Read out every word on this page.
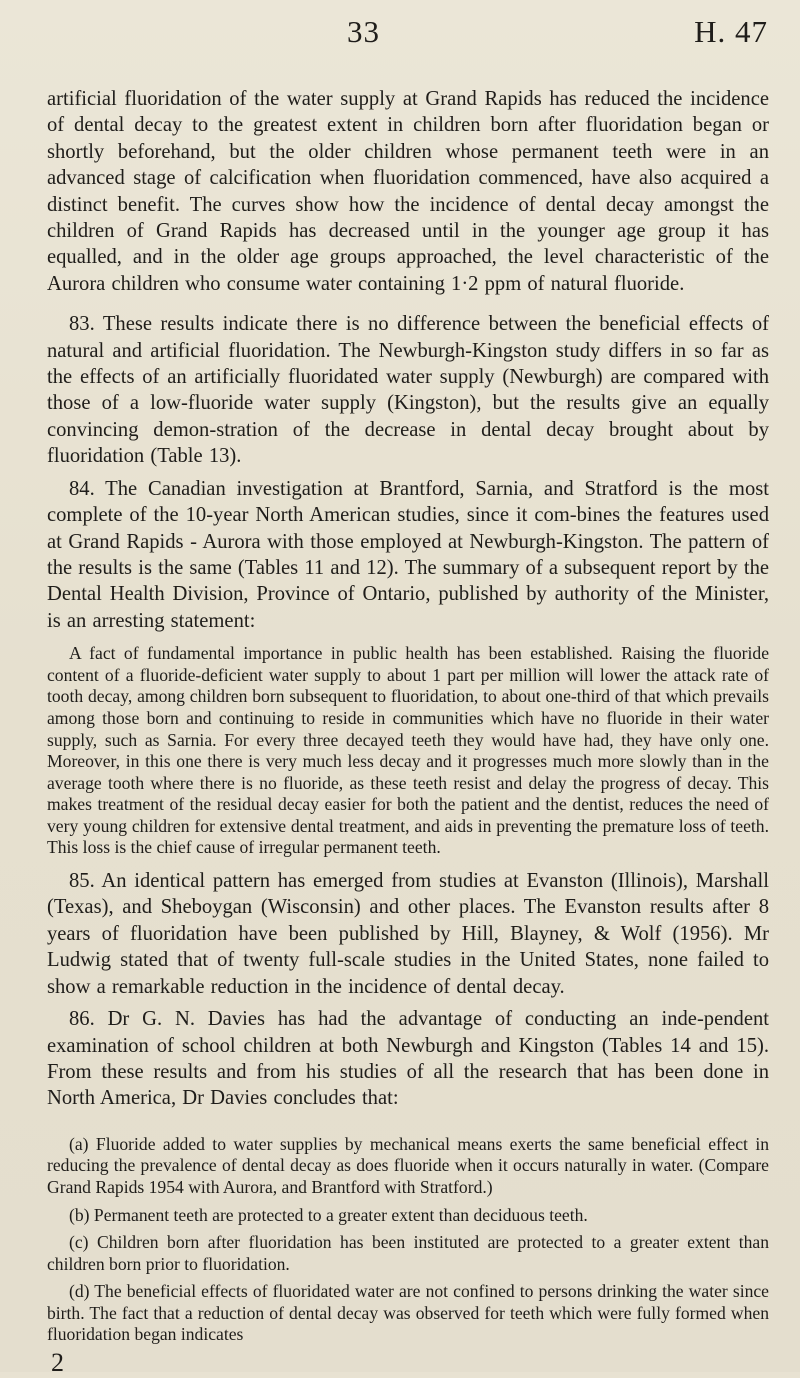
33	H. 47

artificial fluoridation of the water supply at Grand Rapids has reduced the incidence of dental decay to the greatest extent in children born after fluoridation began or shortly beforehand, but the older children whose permanent teeth were in an advanced stage of calcification when fluoridation commenced, have also acquired a distinct benefit. The curves show how the incidence of dental decay amongst the children of Grand Rapids has decreased until in the younger age group it has equalled, and in the older age groups approached, the level characteristic of the Aurora children who consume water containing 1·2 ppm of natural fluoride.

83. These results indicate there is no difference between the beneficial effects of natural and artificial fluoridation. The Newburgh-Kingston study differs in so far as the effects of an artificially fluoridated water supply (Newburgh) are compared with those of a low-fluoride water supply (Kingston), but the results give an equally convincing demon-stration of the decrease in dental decay brought about by fluoridation (Table 13).

84. The Canadian investigation at Brantford, Sarnia, and Stratford is the most complete of the 10-year North American studies, since it com-bines the features used at Grand Rapids - Aurora with those employed at Newburgh-Kingston. The pattern of the results is the same (Tables 11 and 12). The summary of a subsequent report by the Dental Health Division, Province of Ontario, published by authority of the Minister, is an arresting statement:

A fact of fundamental importance in public health has been established. Raising the fluoride content of a fluoride-deficient water supply to about 1 part per million will lower the attack rate of tooth decay, among children born subsequent to fluoridation, to about one-third of that which prevails among those born and continuing to reside in communities which have no fluoride in their water supply, such as Sarnia. For every three decayed teeth they would have had, they have only one. Moreover, in this one there is very much less decay and it progresses much more slowly than in the average tooth where there is no fluoride, as these teeth resist and delay the progress of decay. This makes treatment of the residual decay easier for both the patient and the dentist, reduces the need of very young children for extensive dental treatment, and aids in preventing the premature loss of teeth. This loss is the chief cause of irregular permanent teeth.

85. An identical pattern has emerged from studies at Evanston (Illinois), Marshall (Texas), and Sheboygan (Wisconsin) and other places. The Evanston results after 8 years of fluoridation have been published by Hill, Blayney, & Wolf (1956). Mr Ludwig stated that of twenty full-scale studies in the United States, none failed to show a remarkable reduction in the incidence of dental decay.

86. Dr G. N. Davies has had the advantage of conducting an inde-pendent examination of school children at both Newburgh and Kingston (Tables 14 and 15). From these results and from his studies of all the research that has been done in North America, Dr Davies concludes that:

(a) Fluoride added to water supplies by mechanical means exerts the same beneficial effect in reducing the prevalence of dental decay as does fluoride when it occurs naturally in water. (Compare Grand Rapids 1954 with Aurora, and Brantford with Stratford.)

(b) Permanent teeth are protected to a greater extent than deciduous teeth.

(c) Children born after fluoridation has been instituted are protected to a greater extent than children born prior to fluoridation.

(d) The beneficial effects of fluoridated water are not confined to persons drinking the water since birth. The fact that a reduction of dental decay was observed for teeth which were fully formed when fluoridation began indicates

2
